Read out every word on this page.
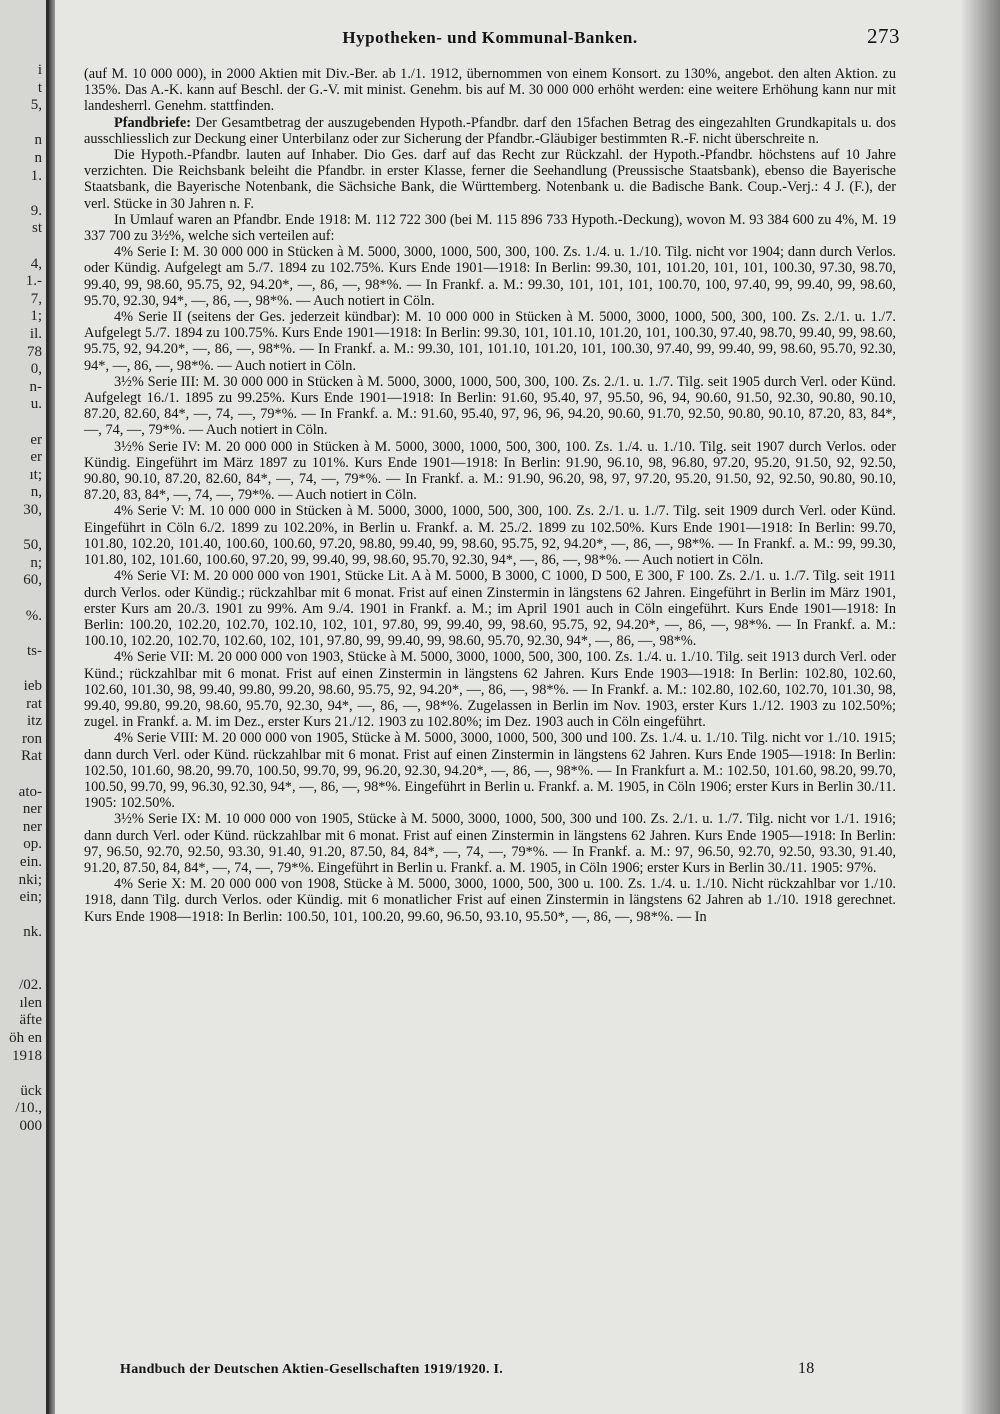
i
t
5,
n
n
1.
9.
st
4,
1.-
7,
1;
il.
78
0,
n-
u.
er
er
ıt;
n,
30,
50,
n;
60,
%.
ts-
ieb
rat
itz
ron
Rat
ato-
ner
ner
op.
ein.
nki;
ein;
nk.
/02.
ılen
äfte
öh en
1918
ück
/10.,
000
Hypotheken- und Kommunal-Banken.	273

(auf M. 10 000 000), in 2000 Aktien mit Div.-Ber. ab 1./1. 1912, übernommen von einem Konsort. zu 130%, angebot. den alten Aktion. zu 135%. Das A.-K. kann auf Beschl. der G.-V. mit minist. Genehm. bis auf M. 30 000 000 erhöht werden: eine weitere Erhöhung kann nur mit landesherrl. Genehm. stattfinden.

Pfandbriefe: Der Gesamtbetrag der auszugebenden Hypoth.-Pfandbr. darf den 15fachen Betrag des eingezahlten Grundkapitals u. dos ausschliesslich zur Deckung einer Unterbilanz oder zur Sicherung der Pfandbr.-Gläubiger bestimmten R.-F. nicht überschreite n.

Die Hypoth.-Pfandbr. lauten auf Inhaber. Dio Ges. darf auf das Recht zur Rückzahl. der Hypoth.-Pfandbr. höchstens auf 10 Jahre verzichten. Die Reichsbank beleiht die Pfandbr. in erster Klasse, ferner die Seehandlung (Preussische Staatsbank), ebenso die Bayerische Staatsbank, die Bayerische Notenbank, die Sächsiche Bank, die Württemberg. Notenbank u. die Badische Bank. Coup.-Verj.: 4 J. (F.), der verl. Stücke in 30 Jahren n. F.

In Umlauf waren an Pfandbr. Ende 1918: M. 112 722 300 (bei M. 115 896 733 Hypoth.-Deckung), wovon M. 93 384 600 zu 4%, M. 19 337 700 zu 3½%, welche sich verteilen auf:

4% Serie I: M. 30 000 000 in Stücken à M. 5000, 3000, 1000, 500, 300, 100. Zs. 1./4. u. 1./10. Tilg. nicht vor 1904; dann durch Verlos. oder Kündig. Aufgelegt am 5./7. 1894 zu 102.75%. Kurs Ende 1901—1918: In Berlin: 99.30, 101, 101.20, 101, 101, 100.30, 97.30, 98.70, 99.40, 99, 98.60, 95.75, 92, 94.20*, —, 86, —, 98*%. — In Frankf. a. M.: 99.30, 101, 101, 101, 100.70, 100, 97.40, 99, 99.40, 99, 98.60, 95.70, 92.30, 94*, —, 86, —, 98*%. — Auch notiert in Cöln.

4% Serie II (seitens der Ges. jederzeit kündbar): M. 10 000 000 in Stücken à M. 5000, 3000, 1000, 500, 300, 100. Zs. 2./1. u. 1./7. Aufgelegt 5./7. 1894 zu 100.75%. Kurs Ende 1901—1918: In Berlin: 99.30, 101, 101.10, 101.20, 101, 100.30, 97.40, 98.70, 99.40, 99, 98.60, 95.75, 92, 94.20*, —, 86, —, 98*%. — In Frankf. a. M.: 99.30, 101, 101.10, 101.20, 101, 100.30, 97.40, 99, 99.40, 99, 98.60, 95.70, 92.30, 94*, —, 86, —, 98*%. — Auch notiert in Cöln.

3½% Serie III: M. 30 000 000 in Stücken à M. 5000, 3000, 1000, 500, 300, 100. Zs. 2./1. u. 1./7. Tilg. seit 1905 durch Verl. oder Künd. Aufgelegt 16./1. 1895 zu 99.25%. Kurs Ende 1901—1918: In Berlin: 91.60, 95.40, 97, 95.50, 96, 94, 90.60, 91.50, 92.30, 90.80, 90.10, 87.20, 82.60, 84*, —, 74, —, 79*%. — In Frankf. a. M.: 91.60, 95.40, 97, 96, 96, 94.20, 90.60, 91.70, 92.50, 90.80, 90.10, 87.20, 83, 84*, —, 74, —, 79*%. — Auch notiert in Cöln.

3½% Serie IV: M. 20 000 000 in Stücken à M. 5000, 3000, 1000, 500, 300, 100. Zs. 1./4. u. 1./10. Tilg. seit 1907 durch Verlos. oder Kündig. Eingeführt im März 1897 zu 101%. Kurs Ende 1901—1918: In Berlin: 91.90, 96.10, 98, 96.80, 97.20, 95.20, 91.50, 92, 92.50, 90.80, 90.10, 87.20, 82.60, 84*, —, 74, —, 79*%. — In Frankf. a. M.: 91.90, 96.20, 98, 97, 97.20, 95.20, 91.50, 92, 92.50, 90.80, 90.10, 87.20, 83, 84*, —, 74, —, 79*%. — Auch notiert in Cöln.

4% Serie V: M. 10 000 000 in Stücken à M. 5000, 3000, 1000, 500, 300, 100. Zs. 2./1. u. 1./7. Tilg. seit 1909 durch Verl. oder Künd. Eingeführt in Cöln 6./2. 1899 zu 102.20%, in Berlin u. Frankf. a. M. 25./2. 1899 zu 102.50%. Kurs Ende 1901—1918: In Berlin: 99.70, 101.80, 102.20, 101.40, 100.60, 100.60, 97.20, 98.80, 99.40, 99, 98.60, 95.75, 92, 94.20*, —, 86, —, 98*%. — In Frankf. a. M.: 99, 99.30, 101.80, 102, 101.60, 100.60, 97.20, 99, 99.40, 99, 98.60, 95.70, 92.30, 94*, —, 86, —, 98*%. — Auch notiert in Cöln.

4% Serie VI: M. 20 000 000 von 1901, Stücke Lit. A à M. 5000, B 3000, C 1000, D 500, E 300, F 100. Zs. 2./1. u. 1./7. Tilg. seit 1911 durch Verlos. oder Kündig.; rückzahlbar mit 6 monat. Frist auf einen Zinstermin in längstens 62 Jahren. Eingeführt in Berlin im März 1901, erster Kurs am 20./3. 1901 zu 99%. Am 9./4. 1901 in Frankf. a. M.; im April 1901 auch in Cöln eingeführt. Kurs Ende 1901—1918: In Berlin: 100.20, 102.20, 102.70, 102.10, 102, 101, 97.80, 99, 99.40, 99, 98.60, 95.75, 92, 94.20*, —, 86, —, 98*%. — In Frankf. a. M.: 100.10, 102.20, 102.70, 102.60, 102, 101, 97.80, 99, 99.40, 99, 98.60, 95.70, 92.30, 94*, —, 86, —, 98*%.

4% Serie VII: M. 20 000 000 von 1903, Stücke à M. 5000, 3000, 1000, 500, 300, 100. Zs. 1./4. u. 1./10. Tilg. seit 1913 durch Verl. oder Künd.; rückzahlbar mit 6 monat. Frist auf einen Zinstermin in längstens 62 Jahren. Kurs Ende 1903—1918: In Berlin: 102.80, 102.60, 102.60, 101.30, 98, 99.40, 99.80, 99.20, 98.60, 95.75, 92, 94.20*, —, 86, —, 98*%. — In Frankf. a. M.: 102.80, 102.60, 102.70, 101.30, 98, 99.40, 99.80, 99.20, 98.60, 95.70, 92.30, 94*, —, 86, —, 98*%. Zugelassen in Berlin im Nov. 1903, erster Kurs 1./12. 1903 zu 102.50%; zugel. in Frankf. a. M. im Dez., erster Kurs 21./12. 1903 zu 102.80%; im Dez. 1903 auch in Cöln eingeführt.

4% Serie VIII: M. 20 000 000 von 1905, Stücke à M. 5000, 3000, 1000, 500, 300 und 100. Zs. 1./4. u. 1./10. Tilg. nicht vor 1./10. 1915; dann durch Verl. oder Künd. rückzahlbar mit 6 monat. Frist auf einen Zinstermin in längstens 62 Jahren. Kurs Ende 1905—1918: In Berlin: 102.50, 101.60, 98.20, 99.70, 100.50, 99.70, 99, 96.20, 92.30, 94.20*, —, 86, —, 98*%. — In Frankfurt a. M.: 102.50, 101.60, 98.20, 99.70, 100.50, 99.70, 99, 96.30, 92.30, 94*, —, 86, —, 98*%. Eingeführt in Berlin u. Frankf. a. M. 1905, in Cöln 1906; erster Kurs in Berlin 30./11. 1905: 102.50%.

3½% Serie IX: M. 10 000 000 von 1905, Stücke à M. 5000, 3000, 1000, 500, 300 und 100. Zs. 2./1. u. 1./7. Tilg. nicht vor 1./1. 1916; dann durch Verl. oder Künd. rückzahlbar mit 6 monat. Frist auf einen Zinstermin in längstens 62 Jahren. Kurs Ende 1905—1918: In Berlin: 97, 96.50, 92.70, 92.50, 93.30, 91.40, 91.20, 87.50, 84, 84*, —, 74, —, 79*%. — In Frankf. a. M.: 97, 96.50, 92.70, 92.50, 93.30, 91.40, 91.20, 87.50, 84, 84*, —, 74, —, 79*%. Eingeführt in Berlin u. Frankf. a. M. 1905, in Cöln 1906; erster Kurs in Berlin 30./11. 1905: 97%.

4% Serie X: M. 20 000 000 von 1908, Stücke à M. 5000, 3000, 1000, 500, 300 u. 100. Zs. 1./4. u. 1./10. Nicht rückzahlbar vor 1./10. 1918, dann Tilg. durch Verlos. oder Kündig. mit 6 monatlicher Frist auf einen Zinstermin in längstens 62 Jahren ab 1./10. 1918 gerechnet. Kurs Ende 1908—1918: In Berlin: 100.50, 101, 100.20, 99.60, 96.50, 93.10, 95.50*, —, 86, —, 98*%. — In

Handbuch der Deutschen Aktien-Gesellschaften 1919/1920. I.	18
